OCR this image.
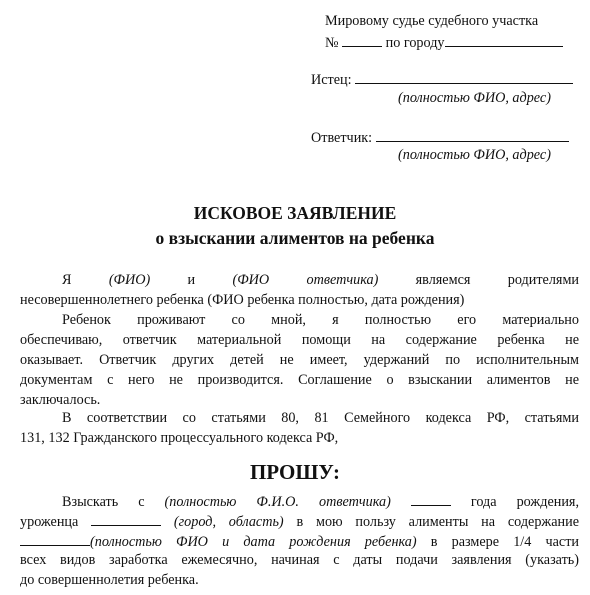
Мировому судье судебного участка
№	по городу
Истец:
(полностью ФИО, адрес)
Ответчик:
(полностью ФИО, адрес)
ИСКОВОЕ ЗАЯВЛЕНИЕ
о взыскании алиментов на ребенка
Я	(ФИО)	и	(ФИО ответчика)	являемся родителями
несовершеннолетнего ребенка (ФИО ребенка полностью, дата рождения)
Ребенок проживают со мной, я полностью его материально
обеспечиваю, ответчик материальной помощи на содержание ребенка не
оказывает. Ответчик других детей не имеет, удержаний по исполнительным
документам с него не производится. Соглашение о взыскании алиментов не
заключалось.
В соответствии со статьями 80, 81 Семейного кодекса РФ, статьями
131, 132 Гражданского процессуального кодекса РФ,
ПРОШУ:
Взыскать с (полностью Ф.И.О. ответчика)	года рождения,
уроженца	(город, область) в мою пользу алименты на содержание
(полностью ФИО и дата рождения ребенка) в размере 1/4 части
всех видов заработка ежемесячно, начиная с даты подачи заявления (указать)
до совершеннолетия ребенка.
